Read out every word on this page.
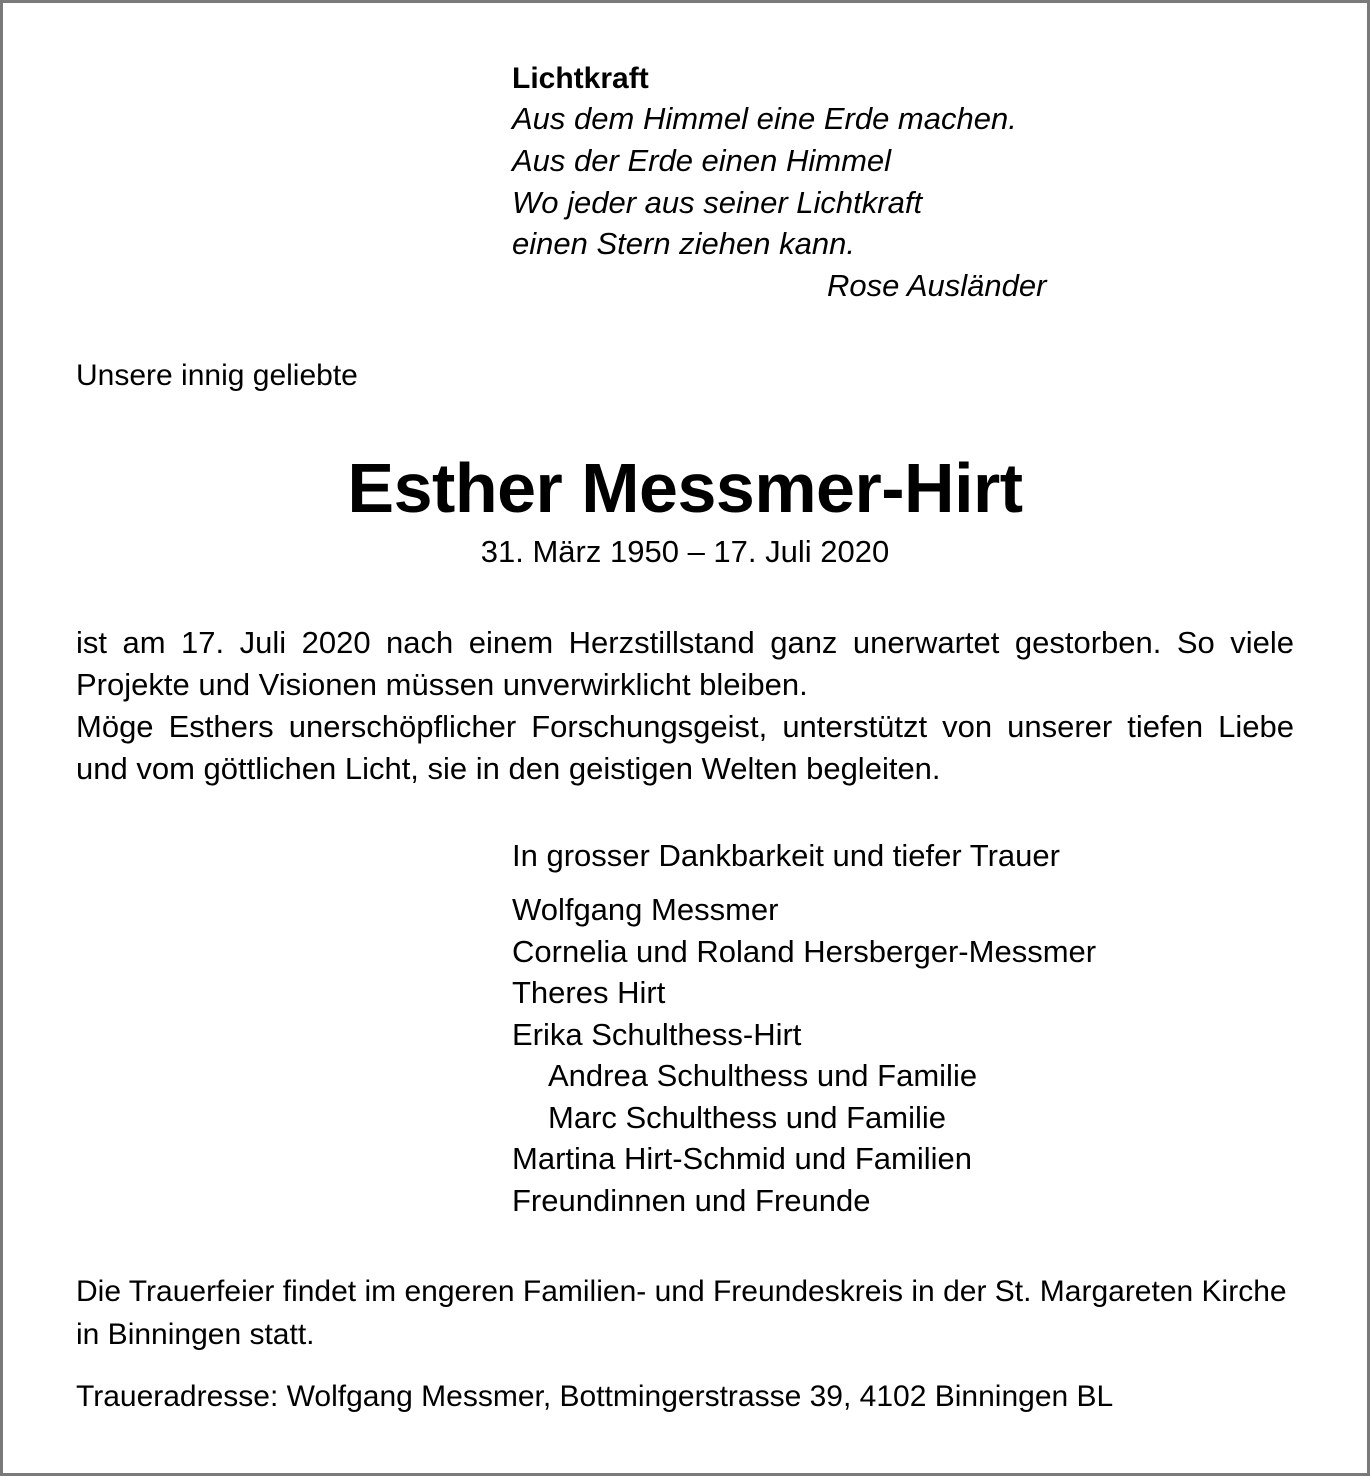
Lichtkraft
Aus dem Himmel eine Erde machen.
Aus der Erde einen Himmel
Wo jeder aus seiner Lichtkraft
einen Stern ziehen kann.
Rose Ausländer
Unsere innig geliebte
Esther Messmer-Hirt
31. März 1950 – 17. Juli 2020

ist am 17. Juli 2020 nach einem Herzstillstand ganz unerwartet gestorben. So viele Projekte und Visionen müssen unverwirklicht bleiben.

Möge Esthers unerschöpflicher Forschungsgeist, unterstützt von unserer tiefen Liebe und vom göttlichen Licht, sie in den geistigen Welten begleiten.

In grosser Dankbarkeit und tiefer Trauer
Wolfgang Messmer
Cornelia und Roland Hersberger-Messmer
Theres Hirt
Erika Schulthess-Hirt
Andrea Schulthess und Familie
Marc Schulthess und Familie
Martina Hirt-Schmid und Familien
Freundinnen und Freunde
Die Trauerfeier findet im engeren Familien- und Freundeskreis in der St. Margareten Kirche in Binningen statt.
Traueradresse: Wolfgang Messmer, Bottmingerstrasse 39, 4102 Binningen BL
